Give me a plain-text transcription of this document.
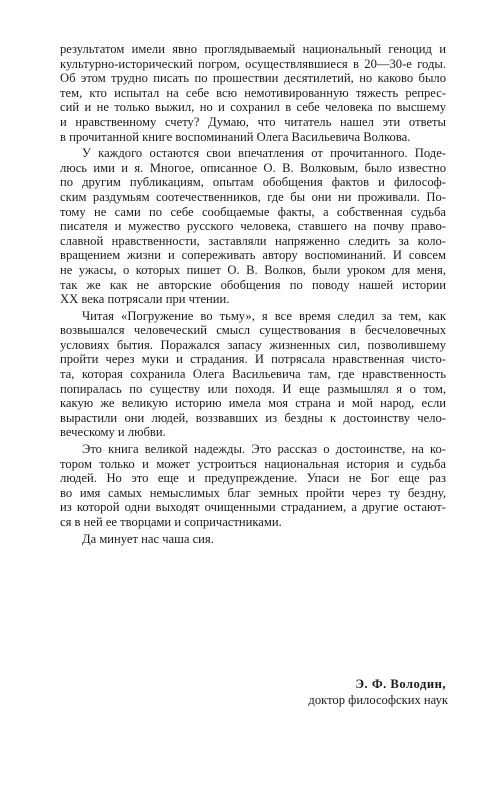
результатом имели явно проглядываемый национальный геноцид и
культурно-исторический погром, осуществлявшиеся в 20—30-е годы.
Об этом трудно писать по прошествии десятилетий, но каково было
тем, кто испытал на себе всю немотивированную тяжесть репрес-
сий и не только выжил, но и сохранил в себе человека по высшему
и нравственному счету? Думаю, что читатель нашел эти ответы
в прочитанной книге воспоминаний Олега Васильевича Волкова.

У каждого остаются свои впечатления от прочитанного. Поде-
люсь ими и я. Многое, описанное О. В. Волковым, было известно
по другим публикациям, опытам обобщения фактов и философ-
ским раздумьям соотечественников, где бы они ни проживали. По-
тому не сами по себе сообщаемые факты, а собственная судьба
писателя и мужество русского человека, ставшего на почву право-
славной нравственности, заставляли напряженно следить за коло-
вращением жизни и сопереживать автору воспоминаний. И совсем
не ужасы, о которых пишет О. В. Волков, были уроком для меня,
так же как не авторские обобщения по поводу нашей истории
XX века потрясали при чтении.

Читая «Погружение во тьму», я все время следил за тем, как
возвышался человеческий смысл существования в бесчеловечных
условиях бытия. Поражался запасу жизненных сил, позволившему
пройти через муки и страдания. И потрясала нравственная чисто-
та, которая сохранила Олега Васильевича там, где нравственность
попиралась по существу или походя. И еще размышлял я о том,
какую же великую историю имела моя страна и мой народ, если
вырастили они людей, воззвавших из бездны к достоинству чело-
веческому и любви.

Это книга великой надежды. Это рассказ о достоинстве, на ко-
тором только и может устроиться национальная история и судьба
людей. Но это еще и предупреждение. Упаси не Бог еще раз
во имя самых немыслимых благ земных пройти через ту бездну,
из которой одни выходят очищенными страданием, а другие остают-
ся в ней ее творцами и сопричастниками.

Да минует нас чаша сия.

Э. Ф. Володин,
доктор философских наук
